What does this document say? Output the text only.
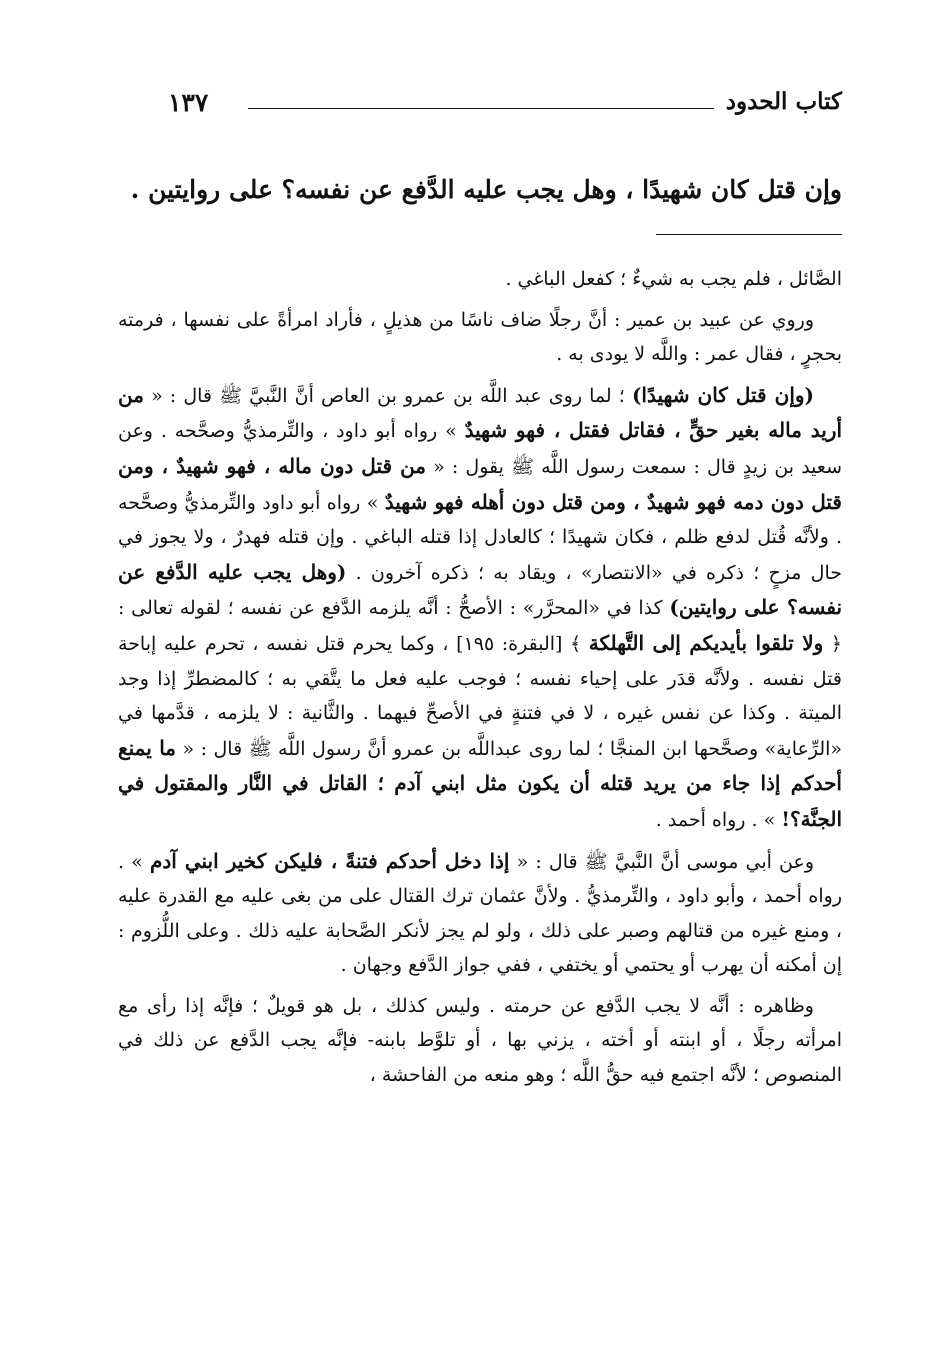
كتاب الحدود
١٣٧
وإن قتل كان شهيدًا ، وهل يجب عليه الدَّفع عن نفسه؟ على روايتين .

الصَّائل ، فلم يجب به شيءٌ ؛ كفعل الباغي .

وروي عن عبيد بن عمير : أنَّ رجلًا ضاف ناسًا من هذيلٍ ، فأراد امرأةً على نفسها ، فرمته بحجرٍ ، فقال عمر : واللَّه لا يودى به .

(وإن قتل كان شهيدًا) ؛ لما روى عبد اللَّه بن عمرو بن العاص أنَّ النَّبيَّ ﷺ قال : « من أريد ماله بغير حقٍّ ، فقاتل فقتل ، فهو شهيدٌ » رواه أبو داود ، والتِّرمذيُّ وصحَّحه . وعن سعيد بن زيدٍ قال : سمعت رسول اللَّه ﷺ يقول : « من قتل دون ماله ، فهو شهيدٌ ، ومن قتل دون دمه فهو شهيدٌ ، ومن قتل دون أهله فهو شهيدٌ » رواه أبو داود والتِّرمذيُّ وصحَّحه . ولأنَّه قُتل لدفع ظلم ، فكان شهيدًا ؛ كالعادل إذا قتله الباغي . وإن قتله فهدرٌ ، ولا يجوز في حال مزحٍ ؛ ذكره في «الانتصار» ، ويقاد به ؛ ذكره آخرون . (وهل يجب عليه الدَّفع عن نفسه؟ على روايتين) كذا في «المحرَّر» : الأصحُّ : أنَّه يلزمه الدَّفع عن نفسه ؛ لقوله تعالى : ﴿ ولا تلقوا بأيديكم إلى التَّهلكة ﴾ [البقرة: ١٩٥] ، وكما يحرم قتل نفسه ، تحرم عليه إباحة قتل نفسه . ولأنَّه قدَر على إحياء نفسه ؛ فوجب عليه فعل ما يتَّقي به ؛ كالمضطرِّ إذا وجد الميتة . وكذا عن نفس غيره ، لا في فتنةٍ في الأصحِّ فيهما . والثَّانية : لا يلزمه ، قدَّمها في «الرِّعاية» وصحَّحها ابن المنجَّا ؛ لما روى عبداللَّه بن عمرو أنَّ رسول اللَّه ﷺ قال : « ما يمنع أحدكم إذا جاء من يريد قتله أن يكون مثل ابني آدم ؛ القاتل في النَّار والمقتول في الجنَّة؟! » . رواه أحمد .

وعن أبي موسى أنَّ النَّبيَّ ﷺ قال : « إذا دخل أحدكم فتنةً ، فليكن كخير ابني آدم » . رواه أحمد ، وأبو داود ، والتِّرمذيُّ . ولأنَّ عثمان ترك القتال على من بغى عليه مع القدرة عليه ، ومنع غيره من قتالهم وصبر على ذلك ، ولو لم يجز لأنكر الصَّحابة عليه ذلك . وعلى اللُّزوم : إن أمكنه أن يهرب أو يحتمي أو يختفي ، ففي جواز الدَّفع وجهان .

وظاهره : أنَّه لا يجب الدَّفع عن حرمته . وليس كذلك ، بل هو قويلٌ ؛ فإنَّه إذا رأى مع امرأته رجلًا ، أو ابنته أو أخته ، يزني بها ، أو تلوَّط بابنه- فإنَّه يجب الدَّفع عن ذلك في المنصوص ؛ لأنَّه اجتمع فيه حقُّ اللَّه ؛ وهو منعه من الفاحشة ،
